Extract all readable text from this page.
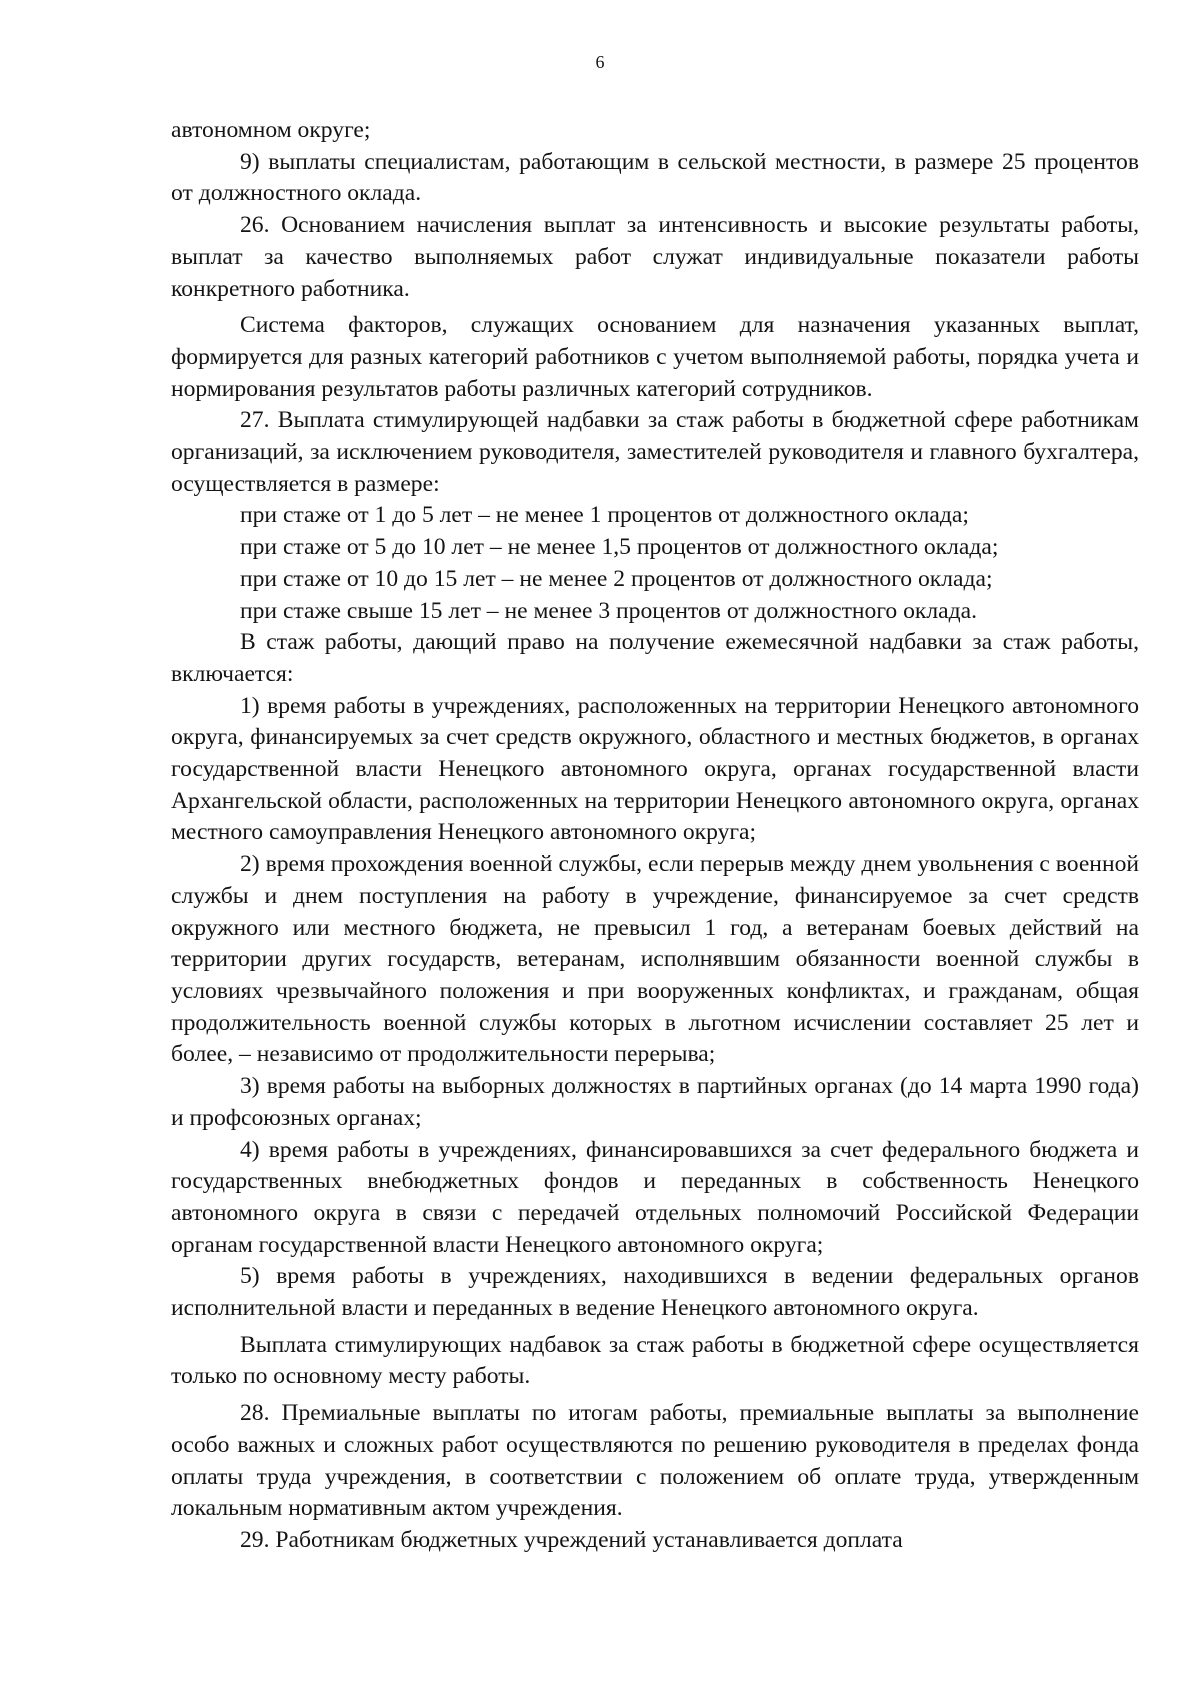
6

автономном округе;

9) выплаты специалистам, работающим в сельской местности, в размере 25 процентов от должностного оклада.

26. Основанием начисления выплат за интенсивность и высокие результаты работы, выплат за качество выполняемых работ служат индивидуальные показатели работы конкретного работника.

Система факторов, служащих основанием для назначения указанных выплат, формируется для разных категорий работников с учетом выполняемой работы, порядка учета и нормирования результатов работы различных категорий сотрудников.

27. Выплата стимулирующей надбавки за стаж работы в бюджетной сфере работникам организаций, за исключением руководителя, заместителей руководителя и главного бухгалтера, осуществляется в размере:

при стаже от 1 до 5 лет – не менее 1 процентов от должностного оклада;

при стаже от 5 до 10 лет – не менее 1,5 процентов от должностного оклада;

при стаже от 10 до 15 лет – не менее 2 процентов от должностного оклада;

при стаже свыше 15 лет – не менее 3 процентов от должностного оклада.

В стаж работы, дающий право на получение ежемесячной надбавки за стаж работы, включается:

1) время работы в учреждениях, расположенных на территории Ненецкого автономного округа, финансируемых за счет средств окружного, областного и местных бюджетов, в органах государственной власти Ненецкого автономного округа, органах государственной власти Архангельской области, расположенных на территории Ненецкого автономного округа, органах местного самоуправления Ненецкого автономного округа;

2) время прохождения военной службы, если перерыв между днем увольнения с военной службы и днем поступления на работу в учреждение, финансируемое за счет средств окружного или местного бюджета, не превысил 1 год, а ветеранам боевых действий на территории других государств, ветеранам, исполнявшим обязанности военной службы в условиях чрезвычайного положения и при вооруженных конфликтах, и гражданам, общая продолжительность военной службы которых в льготном исчислении составляет 25 лет и более, – независимо от продолжительности перерыва;

3) время работы на выборных должностях в партийных органах (до 14 марта 1990 года) и профсоюзных органах;

4) время работы в учреждениях, финансировавшихся за счет федерального бюджета и государственных внебюджетных фондов и переданных в собственность Ненецкого автономного округа в связи с передачей отдельных полномочий Российской Федерации органам государственной власти Ненецкого автономного округа;

5) время работы в учреждениях, находившихся в ведении федеральных органов исполнительной власти и переданных в ведение Ненецкого автономного округа.

Выплата стимулирующих надбавок за стаж работы в бюджетной сфере осуществляется только по основному месту работы.

28. Премиальные выплаты по итогам работы, премиальные выплаты за выполнение особо важных и сложных работ осуществляются по решению руководителя в пределах фонда оплаты труда учреждения, в соответствии с положением об оплате труда, утвержденным локальным нормативным актом учреждения.

29. Работникам бюджетных учреждений устанавливается доплата
